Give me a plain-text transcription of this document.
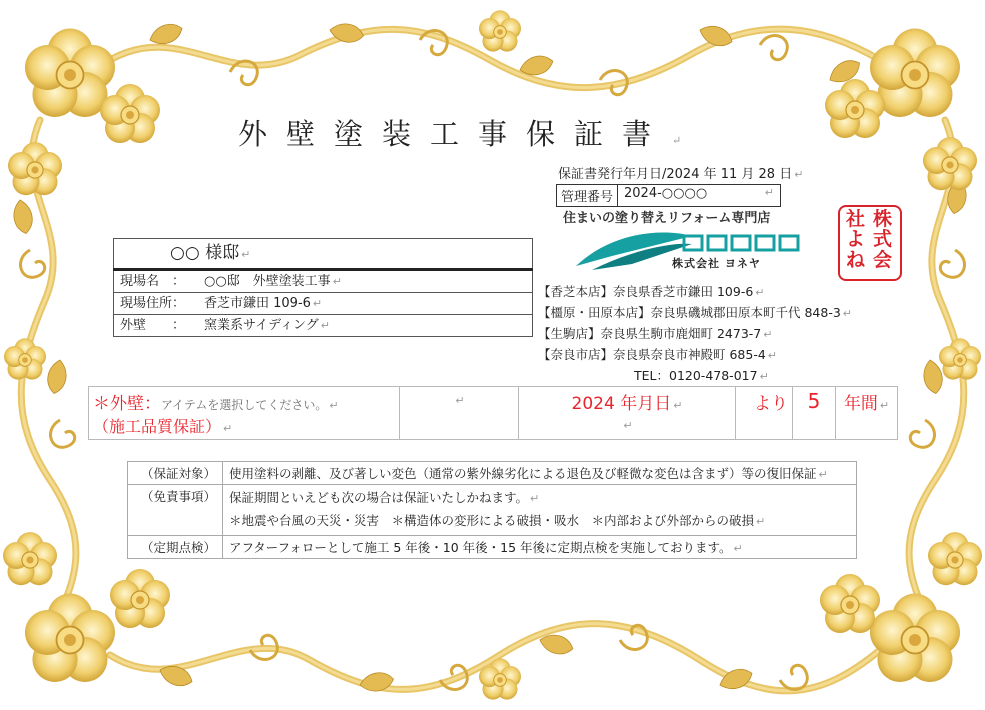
外壁塗装工事保証書 ↵
保証書発行年月日/2024 年 11 月 28 日 ↵
管理番号 2024-○○○○	↵
住まいの塗り替えリフォーム専門店
株式会社 ヨネヤ
株
式
会
社
よ
ね
【香芝本店】奈良県香芝市鎌田 109-6 ↵
【橿原・田原本店】奈良県磯城郡田原本町千代 848-3 ↵
【生駒店】奈良県生駒市鹿畑町 2473-7 ↵
【奈良市店】奈良県奈良市神殿町 685-4 ↵
TEL：0120-478-017 ↵
○○ 様邸 ↵
現場名　： ○○邸　外壁塗装工事 ↵
現場住所： 香芝市鎌田 109-6 ↵
外壁　　： 窯業系サイディング ↵
＊外壁：アイテムを選択してください。 ↵
（施工品質保証） ↵
	↵	2024 年月日 ↵
↵	より	5	年間 ↵
（保証対象）	使用塗料の剥離、及び著しい変色（通常の紫外線劣化による退色及び軽微な変色は含まず）等の復旧保証 ↵
（免責事項）	保証期間といえども次の場合は保証いたしかねます。 ↵
＊地震や台風の天災・災害　＊構造体の変形による破損・吸水　＊内部および外部からの破損 ↵

（定期点検）	アフターフォローとして施工 5 年後・10 年後・15 年後に定期点検を実施しております。 ↵
